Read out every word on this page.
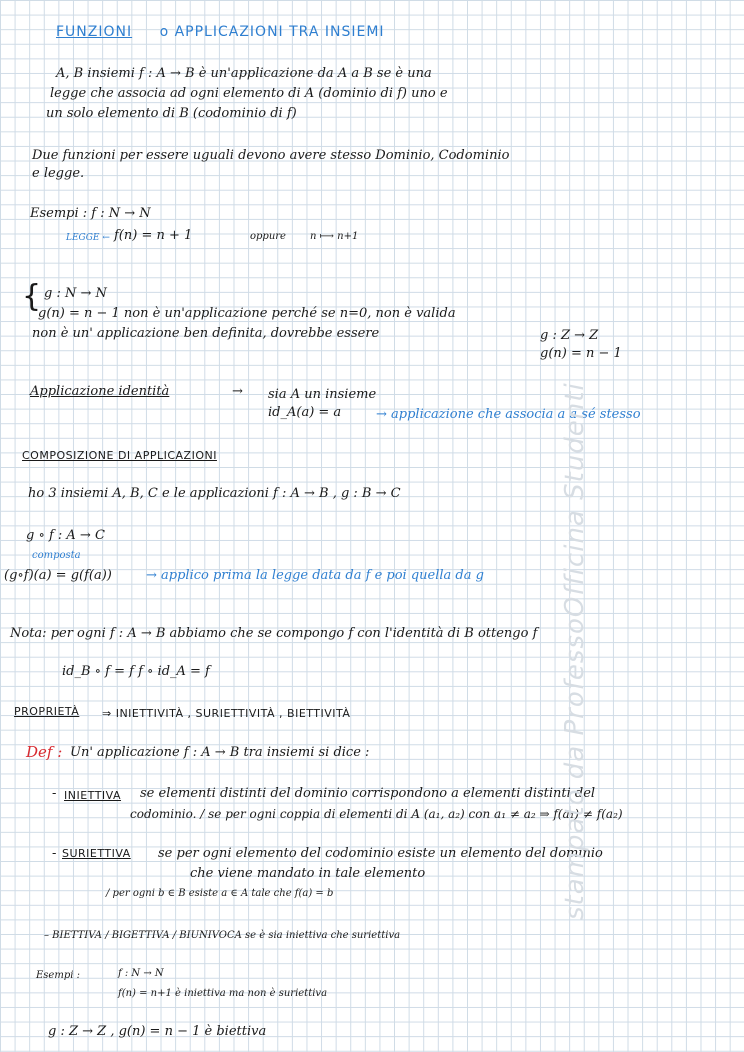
FUNZIONI o APPLICAZIONI TRA INSIEMI
A, B insiemi f : A → B è un'applicazione da A a B se è una
legge che associa ad ogni elemento di A (dominio di f) uno e
un solo elemento di B (codominio di f)
Due funzioni per essere uguali devono avere stesso Dominio, Codominio
e legge.
Esempi : f : N → N
LEGGE ← f(n) = n + 1	oppure n ⟼ n+1
{ g : N → N
g(n) = n − 1 non è un'applicazione perché se n=0, non è valida
non è un' applicazione ben definita, dovrebbe essere	g : Z → Z
g(n) = n − 1
Applicazione identità	→ sia A un insieme
id_A(a) = a	→ applicazione che associa a a sé stesso
COMPOSIZIONE DI APPLICAZIONI
ho 3 insiemi A, B, C e le applicazioni f : A → B , g : B → C
g ∘ f : A → C
composta
(g∘f)(a) = g(f(a))	→ applico prima la legge data da f e poi quella da g
Nota: per ogni f : A → B abbiamo che se compongo f con l'identità di B ottengo f
id_B ∘ f = f f ∘ id_A = f
PROPRIETÀ ⇒ INIETTIVITÀ , SURIETTIVITÀ , BIETTIVITÀ
Def : Un' applicazione f : A → B tra insiemi si dice :
- INIETTIVA se elementi distinti del dominio corrispondono a elementi distinti del
codominio. / se per ogni coppia di elementi di A (a₁, a₂) con a₁ ≠ a₂ ⇒ f(a₁) ≠ f(a₂)
- SURIETTIVA se per ogni elemento del codominio esiste un elemento del dominio
che viene mandato in tale elemento
/ per ogni b ∈ B esiste a ∈ A tale che f(a) = b
– BIETTIVA / BIGETTIVA / BIUNIVOCA se è sia iniettiva che suriettiva
Esempi :	f : N → N
f(n) = n+1 è iniettiva ma non è suriettiva
g : Z → Z , g(n) = n − 1 è biettiva
stampato da ProfessoOfficina Studenti
